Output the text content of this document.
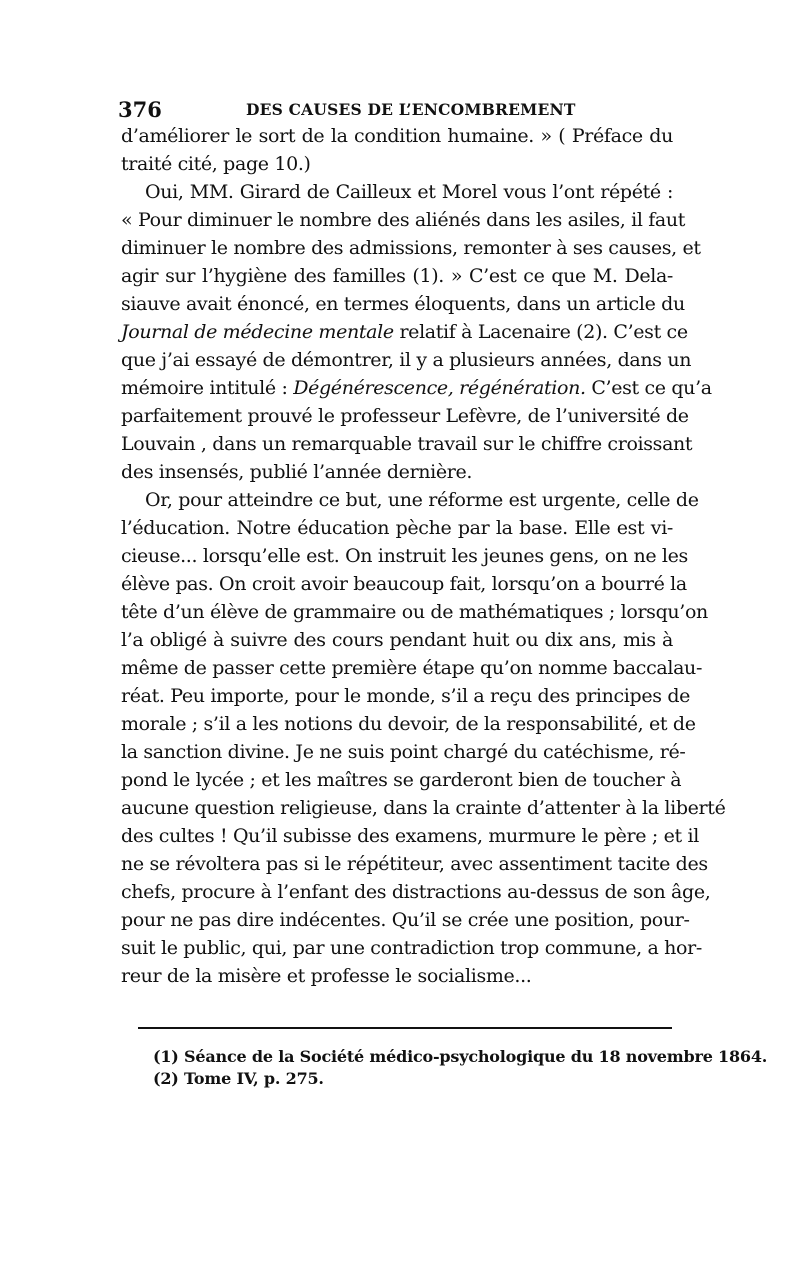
376	DES CAUSES DE L’ENCOMBREMENT
d’améliorer le sort de la condition humaine. » ( Préface du
traité cité, page 10.)
Oui, MM. Girard de Cailleux et Morel vous l’ont répété :
« Pour diminuer le nombre des aliénés dans les asiles, il faut
diminuer le nombre des admissions, remonter à ses causes, et
agir sur l’hygiène des familles (1). » C’est ce que M. Dela-
siauve avait énoncé, en termes éloquents, dans un article du
Journal de médecine mentale relatif à Lacenaire (2). C’est ce
que j’ai essayé de démontrer, il y a plusieurs années, dans un
mémoire intitulé : Dégénérescence, régénération. C’est ce qu’a
parfaitement prouvé le professeur Lefèvre, de l’université de
Louvain , dans un remarquable travail sur le chiffre croissant
des insensés, publié l’année dernière.
Or, pour atteindre ce but, une réforme est urgente, celle de
l’éducation. Notre éducation pèche par la base. Elle est vi-
cieuse... lorsqu’elle est. On instruit les jeunes gens, on ne les
élève pas. On croit avoir beaucoup fait, lorsqu’on a bourré la
tête d’un élève de grammaire ou de mathématiques ; lorsqu’on
l’a obligé à suivre des cours pendant huit ou dix ans, mis à
même de passer cette première étape qu’on nomme baccalau-
réat. Peu importe, pour le monde, s’il a reçu des principes de
morale ; s’il a les notions du devoir, de la responsabilité, et de
la sanction divine. Je ne suis point chargé du catéchisme, ré-
pond le lycée ; et les maîtres se garderont bien de toucher à
aucune question religieuse, dans la crainte d’attenter à la liberté
des cultes ! Qu’il subisse des examens, murmure le père ; et il
ne se révoltera pas si le répétiteur, avec assentiment tacite des
chefs, procure à l’enfant des distractions au-dessus de son âge,
pour ne pas dire indécentes. Qu’il se crée une position, pour-
suit le public, qui, par une contradiction trop commune, a hor-
reur de la misère et professe le socialisme...
(1) Séance de la Société médico-psychologique du 18 novembre 1864.
(2) Tome IV, p. 275.
